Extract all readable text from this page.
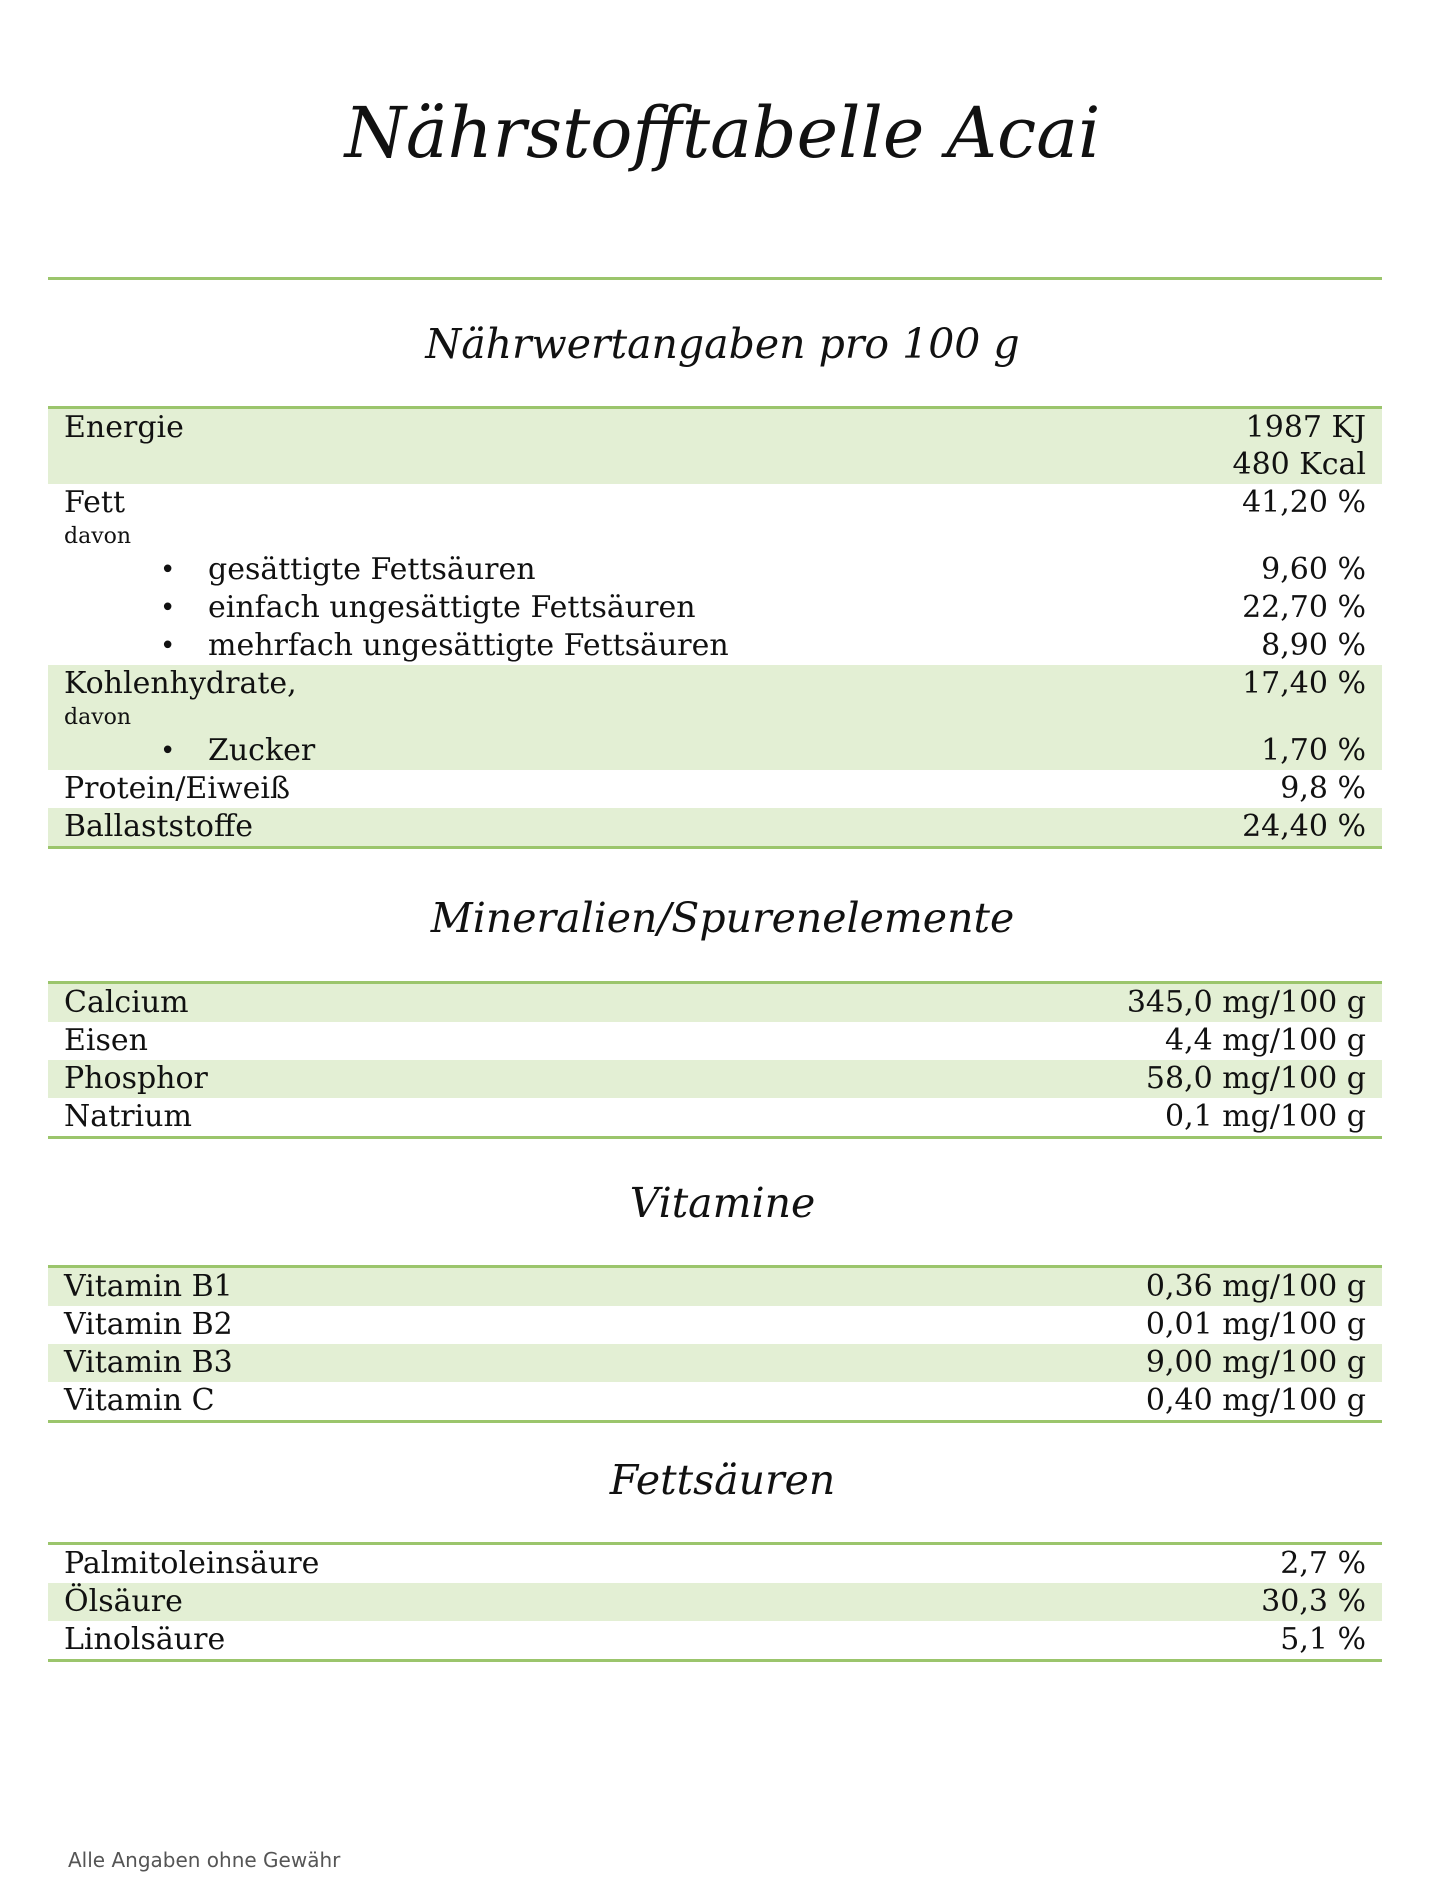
Nährstofftabelle Acai
Nährwertangaben pro 100 g
Energie	1987 KJ
480 Kcal
Fett	41,20 %
davon
• gesättigte Fettsäuren	9,60 %
• einfach ungesättigte Fettsäuren	22,70 %
• mehrfach ungesättigte Fettsäuren	8,90 %
Kohlenhydrate,	17,40 %
davon
• Zucker	1,70 %
Protein/Eiweiß	9,8 %
Ballaststoffe	24,40 %
Mineralien/Spurenelemente
Calcium	345,0 mg/100 g
Eisen	4,4 mg/100 g
Phosphor	58,0 mg/100 g
Natrium	0,1 mg/100 g
Vitamine
Vitamin B1	0,36 mg/100 g
Vitamin B2	0,01 mg/100 g
Vitamin B3	9,00 mg/100 g
Vitamin C	0,40 mg/100 g
Fettsäuren
Palmitoleinsäure	2,7 %
Ölsäure	30,3 %
Linolsäure	5,1 %
Alle Angaben ohne Gewähr
